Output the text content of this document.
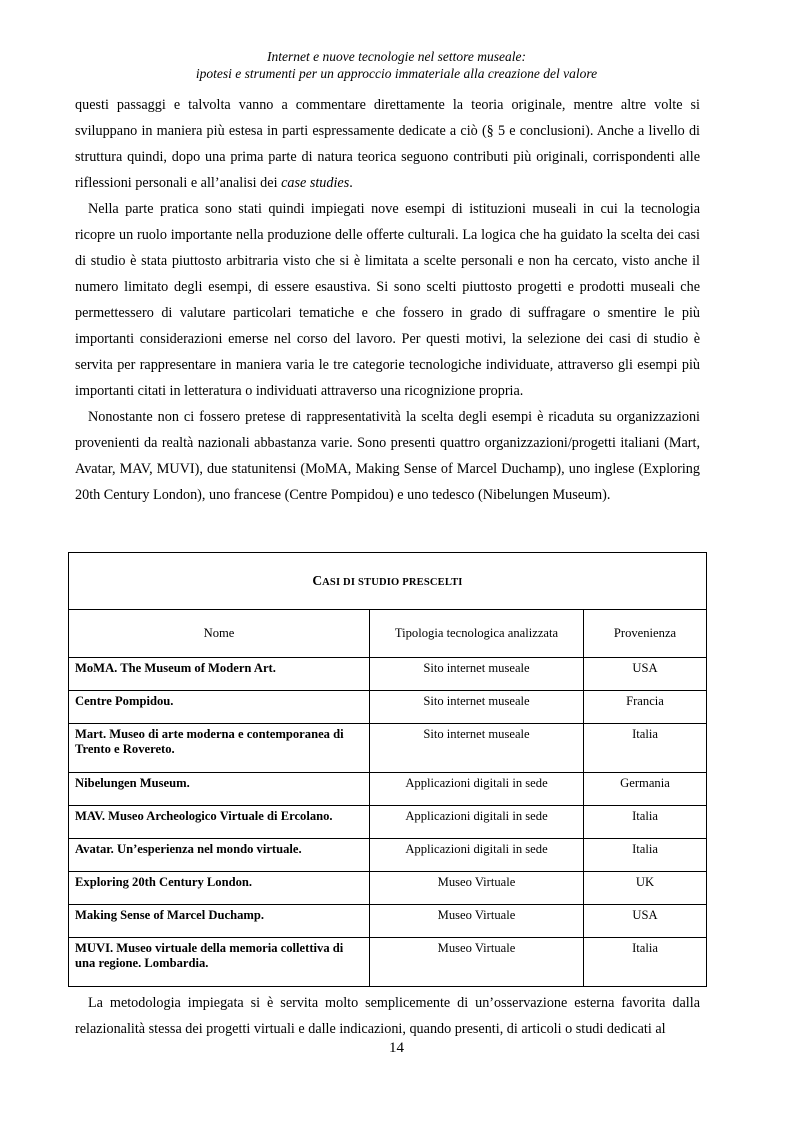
Internet e nuove tecnologie nel settore museale:
ipotesi e strumenti per un approccio immateriale alla creazione del valore

questi passaggi e talvolta vanno a commentare direttamente la teoria originale, mentre altre volte si sviluppano in maniera più estesa in parti espressamente dedicate a ciò (§ 5 e conclusioni). Anche a livello di struttura quindi, dopo una prima parte di natura teorica seguono contributi più originali, corrispondenti alle riflessioni personali e all’analisi dei case studies.

Nella parte pratica sono stati quindi impiegati nove esempi di istituzioni museali in cui la tecnologia ricopre un ruolo importante nella produzione delle offerte culturali. La logica che ha guidato la scelta dei casi di studio è stata piuttosto arbitraria visto che si è limitata a scelte personali e non ha cercato, visto anche il numero limitato degli esempi, di essere esaustiva. Si sono scelti piuttosto progetti e prodotti museali che permettessero di valutare particolari tematiche e che fossero in grado di suffragare o smentire le più importanti considerazioni emerse nel corso del lavoro. Per questi motivi, la selezione dei casi di studio è servita per rappresentare in maniera varia le tre categorie tecnologiche individuate, attraverso gli esempi più importanti citati in letteratura o individuati attraverso una ricognizione propria.

Nonostante non ci fossero pretese di rappresentatività la scelta degli esempi è ricaduta su organizzazioni provenienti da realtà nazionali abbastanza varie. Sono presenti quattro organizzazioni/progetti italiani (Mart, Avatar, MAV, MUVI), due statunitensi (MoMA, Making Sense of Marcel Duchamp), uno inglese (Exploring 20th Century London), uno francese (Centre Pompidou) e uno tedesco (Nibelungen Museum).

CASI DI STUDIO PRESCELTI		
Nome	Tipologia tecnologica analizzata	Provenienza
MoMA. The Museum of Modern Art.	Sito internet museale	USA
Centre Pompidou.	Sito internet museale	Francia
Mart. Museo di arte moderna e contemporanea di Trento e Rovereto.	Sito internet museale	Italia
Nibelungen Museum.	Applicazioni digitali in sede	Germania
MAV. Museo Archeologico Virtuale di Ercolano.	Applicazioni digitali in sede	Italia
Avatar. Un’esperienza nel mondo virtuale.	Applicazioni digitali in sede	Italia
Exploring 20th Century London.	Museo Virtuale	UK
Making Sense of Marcel Duchamp.	Museo Virtuale	USA
MUVI. Museo virtuale della memoria collettiva di una regione. Lombardia.	Museo Virtuale	Italia

La metodologia impiegata si è servita molto semplicemente di un’osservazione esterna favorita dalla relazionalità stessa dei progetti virtuali e dalle indicazioni, quando presenti, di articoli o studi dedicati al

14
